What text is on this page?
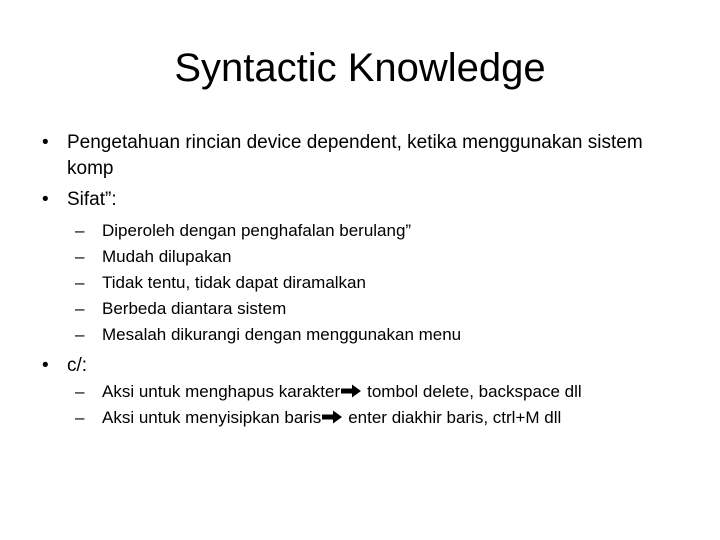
Syntactic Knowledge
• Pengetahuan rincian device dependent, ketika menggunakan sistem komp
• Sifat”:
– Diperoleh dengan penghafalan berulang”
– Mudah dilupakan
– Tidak tentu, tidak dapat diramalkan
– Berbeda diantara sistem
– Mesalah dikurangi dengan menggunakan menu
• c/:
– Aksi untuk menghapus karakter tombol delete, backspace dll
– Aksi untuk menyisipkan baris enter diakhir baris, ctrl+M dll
